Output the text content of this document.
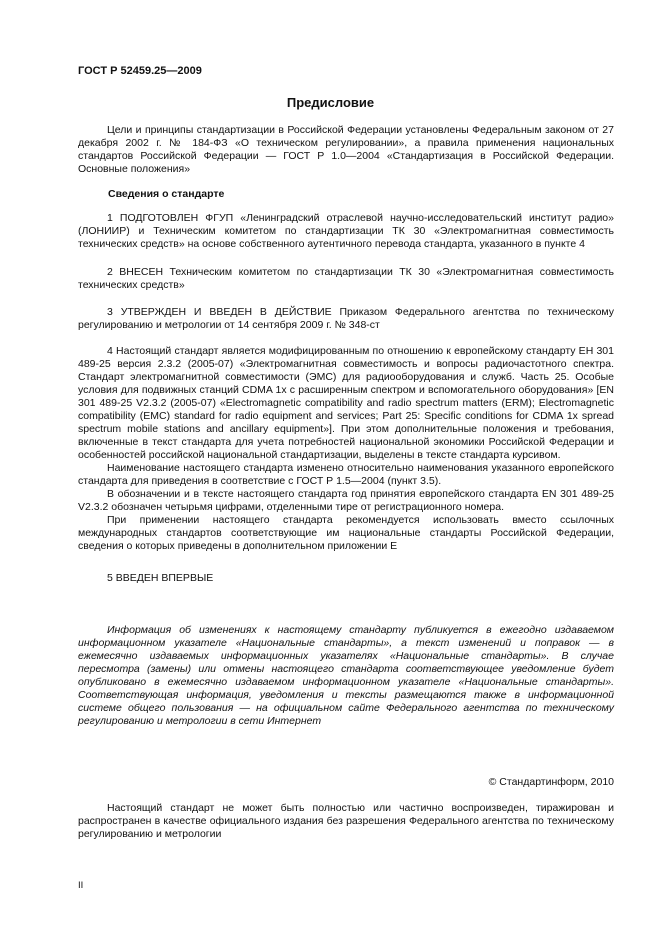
ГОСТ Р 52459.25—2009
Предисловие

Цели и принципы стандартизации в Российской Федерации установлены Федеральным законом от 27 декабря 2002 г. № 184-ФЗ «О техническом регулировании», а правила применения национальных стандартов Российской Федерации — ГОСТ Р 1.0—2004 «Стандартизация в Российской Федерации. Основные положения»

Сведения о стандарте

1 ПОДГОТОВЛЕН ФГУП «Ленинградский отраслевой научно-исследовательский институт радио» (ЛОНИИР) и Техническим комитетом по стандартизации ТК 30 «Электромагнитная совместимость технических средств» на основе собственного аутентичного перевода стандарта, указанного в пункте 4

2 ВНЕСЕН Техническим комитетом по стандартизации ТК 30 «Электромагнитная совместимость технических средств»

3 УТВЕРЖДЕН И ВВЕДЕН В ДЕЙСТВИЕ Приказом Федерального агентства по техническому регулированию и метрологии от 14 сентября 2009 г. № 348-ст

4 Настоящий стандарт является модифицированным по отношению к европейскому стандарту ЕН 301 489-25 версия 2.3.2 (2005-07) «Электромагнитная совместимость и вопросы радиочастотного спектра. Стандарт электромагнитной совместимости (ЭМС) для радиооборудования и служб. Часть 25. Особые условия для подвижных станций CDMA 1х с расширенным спектром и вспомогательного оборудования» [EN 301 489-25 V2.3.2 (2005-07) «Electromagnetic compatibility and radio spectrum matters (ERM); Electromagnetic compatibility (EMC) standard for radio equipment and services; Part 25: Specific conditions for CDMA 1x spread spectrum mobile stations and ancillary equipment»]. При этом дополнительные положения и требования, включенные в текст стандарта для учета потребностей национальной экономики Российской Федерации и особенностей российской национальной стандартизации, выделены в тексте стандарта курсивом.

Наименование настоящего стандарта изменено относительно наименования указанного европейского стандарта для приведения в соответствие с ГОСТ Р 1.5—2004 (пункт 3.5).

В обозначении и в тексте настоящего стандарта год принятия европейского стандарта EN 301 489-25 V2.3.2 обозначен четырьмя цифрами, отделенными тире от регистрационного номера.

При применении настоящего стандарта рекомендуется использовать вместо ссылочных международных стандартов соответствующие им национальные стандарты Российской Федерации, сведения о которых приведены в дополнительном приложении Е

5 ВВЕДЕН ВПЕРВЫЕ

Информация об изменениях к настоящему стандарту публикуется в ежегодно издаваемом информационном указателе «Национальные стандарты», а текст изменений и поправок — в ежемесячно издаваемых информационных указателях «Национальные стандарты». В случае пересмотра (замены) или отмены настоящего стандарта соответствующее уведомление будет опубликовано в ежемесячно издаваемом информационном указателе «Национальные стандарты». Соответствующая информация, уведомления и тексты размещаются также в информационной системе общего пользования — на официальном сайте Федерального агентства по техническому регулированию и метрологии в сети Интернет

© Стандартинформ, 2010

Настоящий стандарт не может быть полностью или частично воспроизведен, тиражирован и распространен в качестве официального издания без разрешения Федерального агентства по техническому регулированию и метрологии

II
